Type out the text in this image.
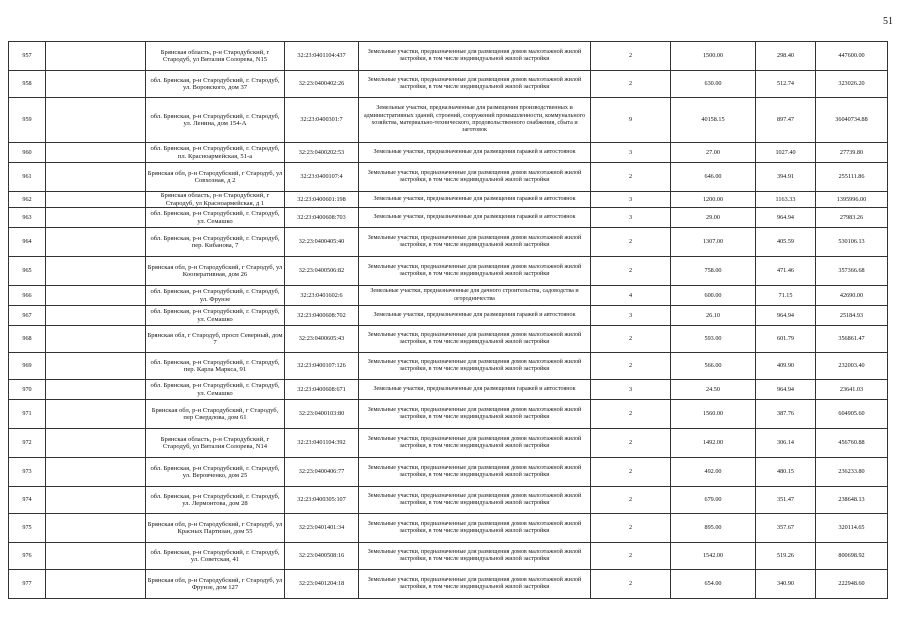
51
957		Брянская область, р-н Стародубский, г Стародуб, ул Виталия Солорева, N15	32:23:0401104:437	Земельные участки, предназначенные для размещения домов малоэтажной жилой застройки, в том числе индивидуальной жилой застройки	2	1500.00	298.40	447600.00
958		обл. Брянская, р-н Стародубский, г. Стародуб, ул. Воровского, дом 37	32:23:0400402:26	Земельные участки, предназначенные для размещения домов малоэтажной жилой застройки, в том числе индивидуальной жилой застройки	2	630.00	512.74	323026.20
959		обл. Брянская, р-н Стародубский, г. Стародуб, ул. Ленина, дом 154-А	32:23:0400301:7	Земельные участки, предназначенные для размещения производственных и административных зданий, строений, сооружений промышленности, коммунального хозяйства, материально-технического, продовольственного снабжения, сбыта и заготовок	9	40158.15	897.47	36040734.88
960		обл. Брянская, р-н Стародубский, г. Стародуб, пл. Красноармейская, 51-а	32:23:0400202:53	Земельные участки, предназначенные для размещения гаражей и автостоянок	3	27.00	1027.40	27739.80
961		Брянская обл, р-н Стародубский, г Стародуб, ул Совхозная, д 2	32:23:0400107:4	Земельные участки, предназначенные для размещения домов малоэтажной жилой застройки, в том числе индивидуальной жилой застройки	2	646.00	394.91	255111.86
962		Брянская область, р-н Стародубский, г Стародуб, ул Красноармейская, д 1	32:23:0400601:198	Земельные участки, предназначенные для размещения гаражей и автостоянок	3	1200.00	1163.33	1395996.00
963		обл. Брянская, р-н Стародубский, г. Стародуб, ул. Семашко	32:23:0400608:703	Земельные участки, предназначенные для размещения гаражей и автостоянок	3	29.00	964.94	27983.26
964		обл. Брянская, р-н Стародубский, г. Стародуб, пер. Кибанова, 7	32:23:0400405:40	Земельные участки, предназначенные для размещения домов малоэтажной жилой застройки, в том числе индивидуальной жилой застройки	2	1307.00	405.59	530106.13
965		Брянская обл, р-н Стародубский, г Стародуб, ул Кооперативная, дом 26	32:23:0400506:82	Земельные участки, предназначенные для размещения домов малоэтажной жилой застройки, в том числе индивидуальной жилой застройки	2	758.00	471.46	357366.68
966		обл. Брянская, р-н Стародубский, г. Стародуб, ул. Фрунзе	32:23:0401602:6	Земельные участки, предназначенные для дачного строительства, садоводства и огородничества	4	600.00	71.15	42690.00
967		обл. Брянская, р-н Стародубский, г. Стародуб, ул. Семашко	32:23:0400608:702	Земельные участки, предназначенные для размещения гаражей и автостоянок	3	26.10	964.94	25184.93
968		Брянская обл, г Стародуб, просп Северный, дом 7	32:23:0400605:43	Земельные участки, предназначенные для размещения домов малоэтажной жилой застройки, в том числе индивидуальной жилой застройки	2	593.00	601.79	356861.47
969		обл. Брянская, р-н Стародубский, г. Стародуб, пер. Карла Маркса, 91	32:23:0400107:126	Земельные участки, предназначенные для размещения домов малоэтажной жилой застройки, в том числе индивидуальной жилой застройки	2	566.00	409.90	232003.40
970		обл. Брянская, р-н Стародубский, г. Стародуб, ул. Семашко	32:23:0400608:671	Земельные участки, предназначенные для размещения гаражей и автостоянок	3	24.50	964.94	23641.03
971		Брянская обл, р-н Стародубский, г Стародуб, пер Свердлова, дом 61	32:23:0400103:80	Земельные участки, предназначенные для размещения домов малоэтажной жилой застройки, в том числе индивидуальной жилой застройки	2	1560.00	387.76	604905.60
972		Брянская область, р-н Стародубский, г Стародуб, ул Виталия Солорева, N14	32:23:0401104:392	Земельные участки, предназначенные для размещения домов малоэтажной жилой застройки, в том числе индивидуальной жилой застройки	2	1492.00	306.14	456760.88
973		обл. Брянская, р-н Стародубский, г. Стародуб, ул. Веровченко, дом 25	32:23:0400406:77	Земельные участки, предназначенные для размещения домов малоэтажной жилой застройки, в том числе индивидуальной жилой застройки	2	492.00	480.15	236233.80
974		обл. Брянская, р-н Стародубский, г. Стародуб, ул. Лермонтова, дом 28	32:23:0400305:107	Земельные участки, предназначенные для размещения домов малоэтажной жилой застройки, в том числе индивидуальной жилой застройки	2	679.00	351.47	238648.13
975		Брянская обл, р-н Стародубский, г Стародуб, ул Красных Партизан, дом 55	32:23:0401401:34	Земельные участки, предназначенные для размещения домов малоэтажной жилой застройки, в том числе индивидуальной жилой застройки	2	895.00	357.67	320114.65
976		обл. Брянская, р-н Стародубский, г. Стародуб, ул. Советская, 41	32:23:0400508:16	Земельные участки, предназначенные для размещения домов малоэтажной жилой застройки, в том числе индивидуальной жилой застройки	2	1542.00	519.26	800698.92
977		Брянская обл, р-н Стародубский, г Стародуб, ул Фрунзе, дом 127	32:23:0401204:18	Земельные участки, предназначенные для размещения домов малоэтажной жилой застройки, в том числе индивидуальной жилой застройки	2	654.00	340.90	222948.60
